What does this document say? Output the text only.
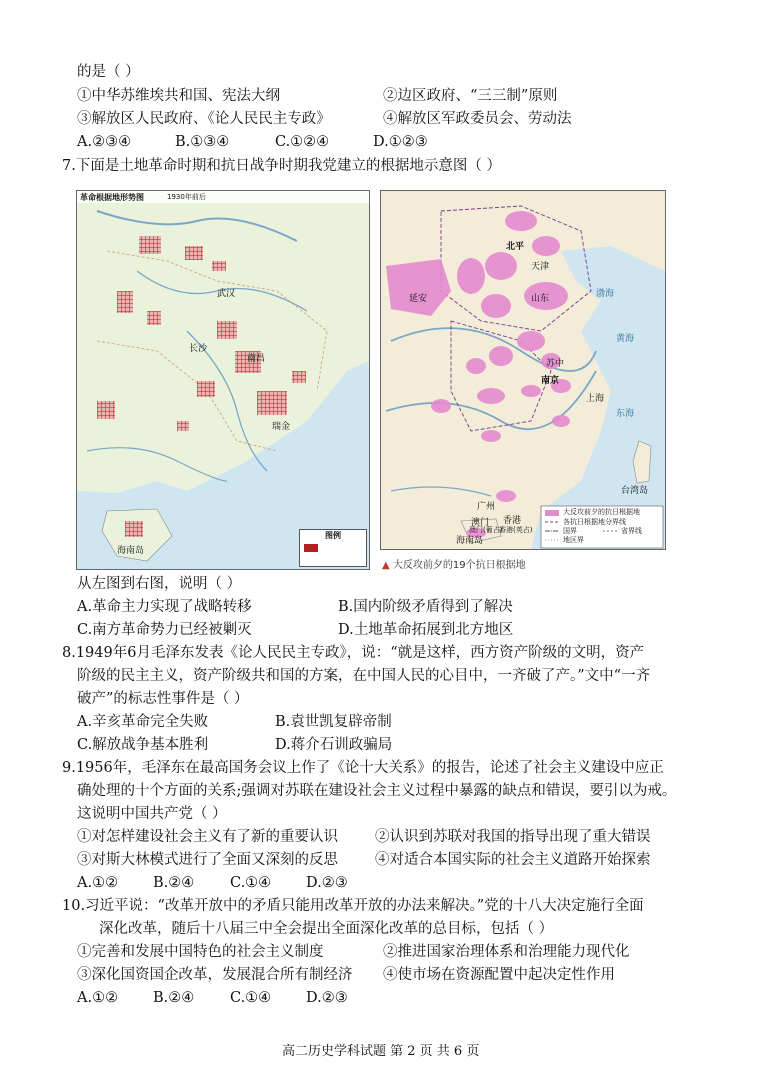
的是（ ）
①中华苏维埃共和国、宪法大纲	②边区政府、“三三制”原则
③解放区人民政府、《论人民民主专政》	④解放区军政委员会、劳动法
A.②③④	B.①③④	C.①②④	D.①②③
7.下面是土地革命时期和抗日战争时期我党建立的根据地示意图（ ）
革命根据地形势图	1930年前后
南昌
瑞金
长沙
武汉
海南岛
图例
北平
天津
延安
南京
上海
台湾岛
海南岛
广州
香港
澳门
渤海
黄海
东海
山东
苏中
澳门(葡占)
香港(英占)
大反攻前夕的抗日根据地
各抗日根据地分界线
国界	省界线
地区界
▲ 大反攻前夕的19个抗日根据地
从左图到右图，说明（ ）
A.革命主力实现了战略转移	B.国内阶级矛盾得到了解决
C.南方革命势力已经被剿灭	D.土地革命拓展到北方地区
8.1949年6月毛泽东发表《论人民民主专政》，说：“就是这样，西方资产阶级的文明，资产
阶级的民主主义，资产阶级共和国的方案，在中国人民的心目中，一齐破了产。”文中“一齐
破产”的标志性事件是（ ）
A.辛亥革命完全失败	B.袁世凯复辟帝制
C.解放战争基本胜利	D.蒋介石训政骗局
9.1956年，毛泽东在最高国务会议上作了《论十大关系》的报告，论述了社会主义建设中应正
确处理的十个方面的关系;强调对苏联在建设社会主义过程中暴露的缺点和错误，要引以为戒。
这说明中国共产党（ ）
①对怎样建设社会主义有了新的重要认识	②认识到苏联对我国的指导出现了重大错误
③对斯大林模式进行了全面又深刻的反思	④对适合本国实际的社会主义道路开始探索
A.①② B.②④ C.①④ D.②③
10.习近平说：“改革开放中的矛盾只能用改革开放的办法来解决。”党的十八大决定施行全面
深化改革，随后十八届三中全会提出全面深化改革的总目标，包括（ ）
①完善和发展中国特色的社会主义制度	②推进国家治理体系和治理能力现代化
③深化国资国企改革，发展混合所有制经济 ④使市场在资源配置中起决定性作用
A.①② B.②④ C.①④ D.②③
高二历史学科试题 第 2 页 共 6 页
